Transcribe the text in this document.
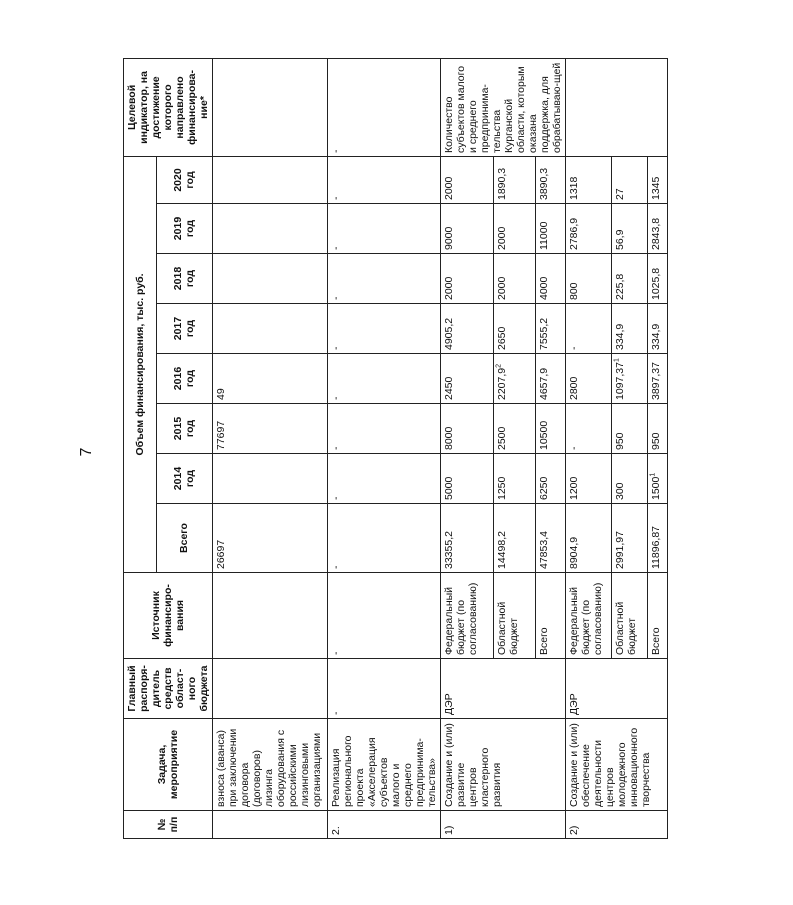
7
№ п/п	Задача, мероприятие	Главный распоря-дитель средств област-ного бюджета	Источник финансиро-вания	Объем финансирования, тыс. руб.								Целевой индикатор, на достижение которого направлено финансирова-ние*
				Всего	2014 год	2015 год	2016 год	2017 год	2018 год	2019 год	2020 год	
	взноса (аванса) при заключении договора (договоров) лизинга оборудования с российскими лизинговыми организациями			26697		77697	49					
2.	Реализация регионального проекта «Акселерация субъектов малого и среднего предпринима-тельства»	-	-	-	-	-	-	-	-	-	-	-
1)	Создание и (или) развитие центров кластерного развития	ДЭР	Федеральный бюджет (по согласованию)	33355,2	5000	8000	2450	4905,2	2000	9000	2000	Количество субъектов малого и среднего предпринима-тельства Курганской области, которым оказана поддержка, для обрабатываю-щей
			Областной бюджет	14498,2	1250	2500	2207,9$^2$	2650	2000	2000	1890,3	
			Всего	47853,4	6250	10500	4657,9	7555,2	4000	11000	3890,3	
2)	Создание и (или) обеспечение деятельности центров молодежного инновационного творчества	ДЭР	Федеральный бюджет (по согласованию)	8904,9	1200	-	2800	-	800	2786,9	1318	
			Областной бюджет	2991,97	300	950	1097,37$^1$	334,9	225,8	56,9	27	
			Всего	11896,87	1500$^1$	950	3897,37	334,9	1025,8	2843,8	1345	
